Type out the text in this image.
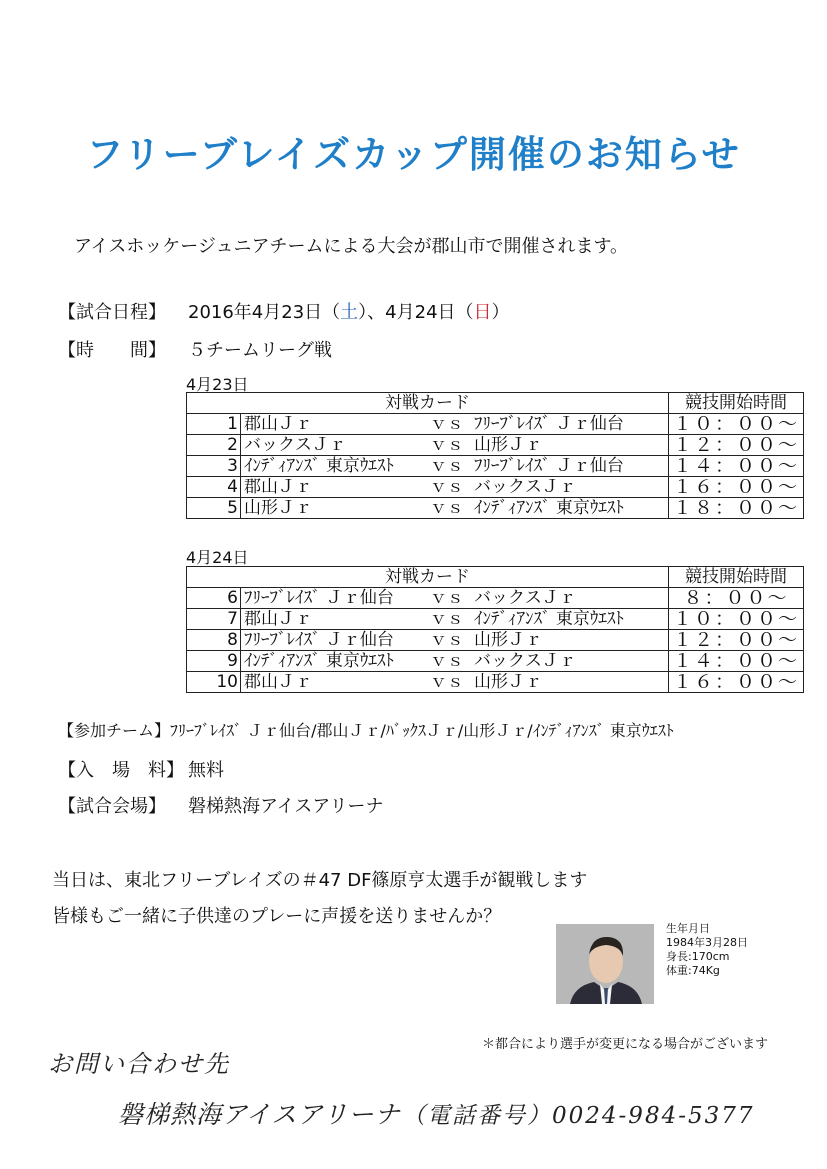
フリーブレイズカップ開催のお知らせ
アイスホッケージュニアチームによる大会が郡山市で開催されます。
【試合日程】 2016年4月23日（土）、4月24日（日）
【時　　間】 ５チームリーグ戦
4月23日
対戦カード		競技開始時間
1	郡山Ｊｒ ｖｓ ﾌﾘｰﾌﾞﾚｲｽﾞ Ｊｒ仙台	１０：００～
2	バックスＪｒ ｖｓ 山形Ｊｒ	１２：００～
3	ｲﾝﾃﾞｨｱﾝｽﾞ 東京ｳｴｽﾄ ｖｓ ﾌﾘｰﾌﾞﾚｲｽﾞ Ｊｒ仙台	１４：００～
4	郡山Ｊｒ ｖｓ バックスＪｒ	１６：００～
5	山形Ｊｒ ｖｓ ｲﾝﾃﾞｨｱﾝｽﾞ 東京ｳｴｽﾄ	１８：００～
4月24日
対戦カード		競技開始時間
6	ﾌﾘｰﾌﾞﾚｲｽﾞ Ｊｒ仙台 ｖｓ バックスＪｒ	８：００～
7	郡山Ｊｒ ｖｓ ｲﾝﾃﾞｨｱﾝｽﾞ 東京ｳｴｽﾄ	１０：００～
8	ﾌﾘｰﾌﾞﾚｲｽﾞ Ｊｒ仙台 ｖｓ 山形Ｊｒ	１２：００～
9	ｲﾝﾃﾞｨｱﾝｽﾞ 東京ｳｴｽﾄ ｖｓ バックスＪｒ	１４：００～
10	郡山Ｊｒ ｖｓ 山形Ｊｒ	１６：００～
【参加チーム】ﾌﾘｰﾌﾞﾚｲｽﾞ Ｊｒ仙台/郡山Ｊｒ/ﾊﾞｯｸｽＪｒ/山形Ｊｒ/ｲﾝﾃﾞｨｱﾝｽﾞ 東京ｳｴｽﾄ
【入　場　料】 無料
【試合会場】 磐梯熱海アイスアリーナ
当日は、東北フリーブレイズの＃47 DF篠原亨太選手が観戦します
皆様もご一緒に子供達のプレーに声援を送りませんか？
生年月日
1984年3月28日
身長:170cm
体重:74Kg
＊都合により選手が変更になる場合がございます
お問い合わせ先
磐梯熱海アイスアリーナ （電話番号）0024-984-5377
